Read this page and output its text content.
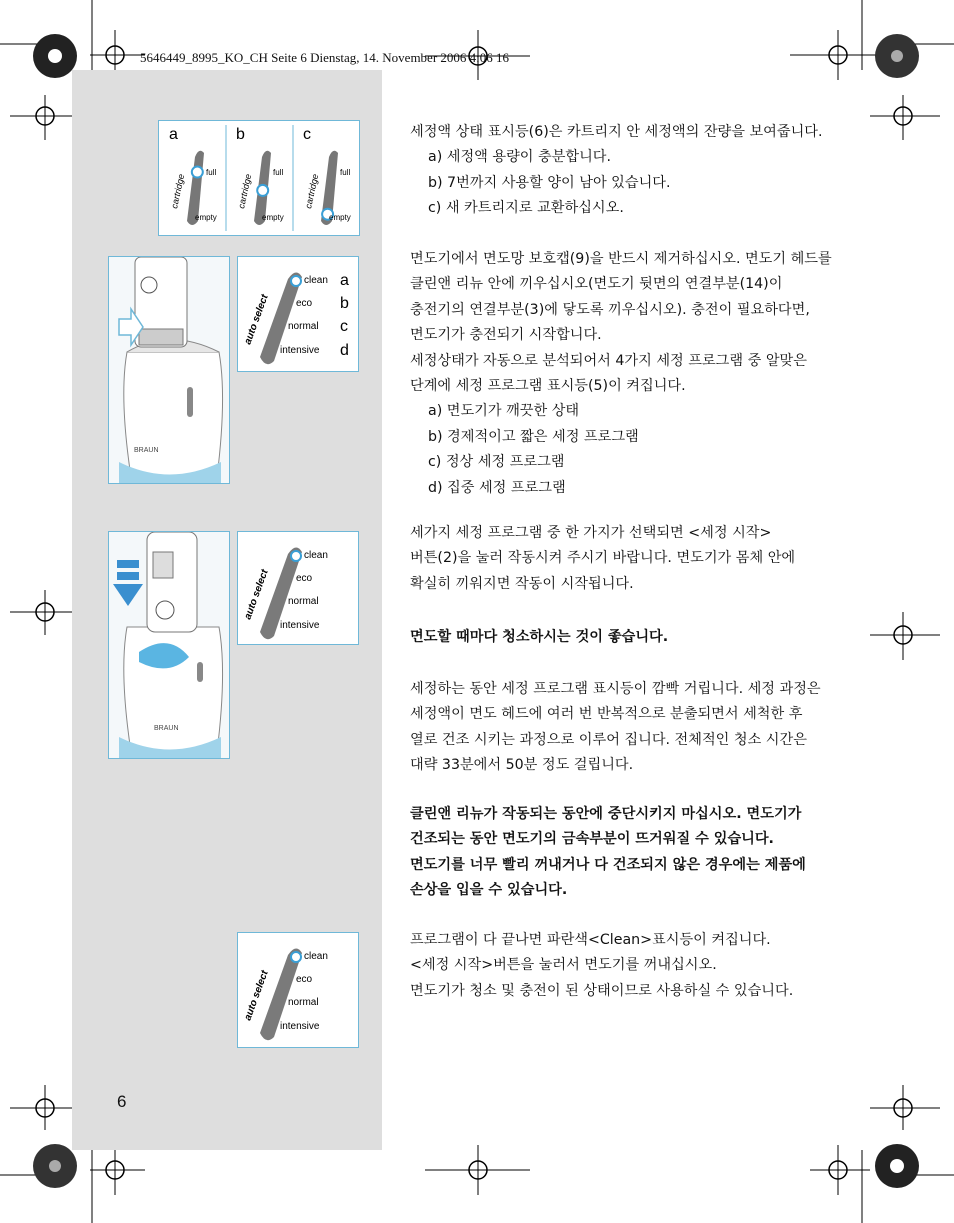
5646449_8995_KO_CH Seite 6 Dienstag, 14. November 2006 4:06 16
6
a
cartridge
full
empty
b
cartridge
full
empty
c
cartridge
full
empty
BRAUN
auto select
clean a
eco b
normal c
intensive d
BRAUN
auto select
clean
eco
normal
intensive
auto select
clean
eco
normal
intensive

세정액 상태 표시등(6)은 카트리지 안 세정액의 잔량을 보여줍니다.

a) 세정액 용량이 충분합니다.

b) 7번까지 사용할 양이 남아 있습니다.

c) 새 카트리지로 교환하십시오.

면도기에서 면도망 보호캡(9)을 반드시 제거하십시오. 면도기 헤드를

클린앤 리뉴 안에 끼우십시오(면도기 뒷면의 연결부분(14)이

충전기의 연결부분(3)에 닿도록 끼우십시오). 충전이 필요하다면,

면도기가 충전되기 시작합니다.

세정상태가 자동으로 분석되어서 4가지 세정 프로그램 중 알맞은

단계에 세정 프로그램 표시등(5)이 켜집니다.

a) 면도기가 깨끗한 상태

b) 경제적이고 짧은 세정 프로그램

c) 정상 세정 프로그램

d) 집중 세정 프로그램

세가지 세정 프로그램 중 한 가지가 선택되면 <세정 시작>

버튼(2)을 눌러 작동시켜 주시기 바랍니다. 면도기가 몸체 안에

확실히 끼워지면 작동이 시작됩니다.

면도할 때마다 청소하시는 것이 좋습니다.

세정하는 동안 세정 프로그램 표시등이 깜빡 거립니다. 세정 과정은

세정액이 면도 헤드에 여러 번 반복적으로 분출되면서 세척한 후

열로 건조 시키는 과정으로 이루어 집니다. 전체적인 청소 시간은

대략 33분에서 50분 정도 걸립니다.

클린앤 리뉴가 작동되는 동안에 중단시키지 마십시오. 면도기가

건조되는 동안 면도기의 금속부분이 뜨거워질 수 있습니다.

면도기를 너무 빨리 꺼내거나 다 건조되지 않은 경우에는 제품에

손상을 입을 수 있습니다.

프로그램이 다 끝나면 파란색<Clean>표시등이 켜집니다.

<세정 시작>버튼을 눌러서 면도기를 꺼내십시오.

면도기가 청소 및 충전이 된 상태이므로 사용하실 수 있습니다.
